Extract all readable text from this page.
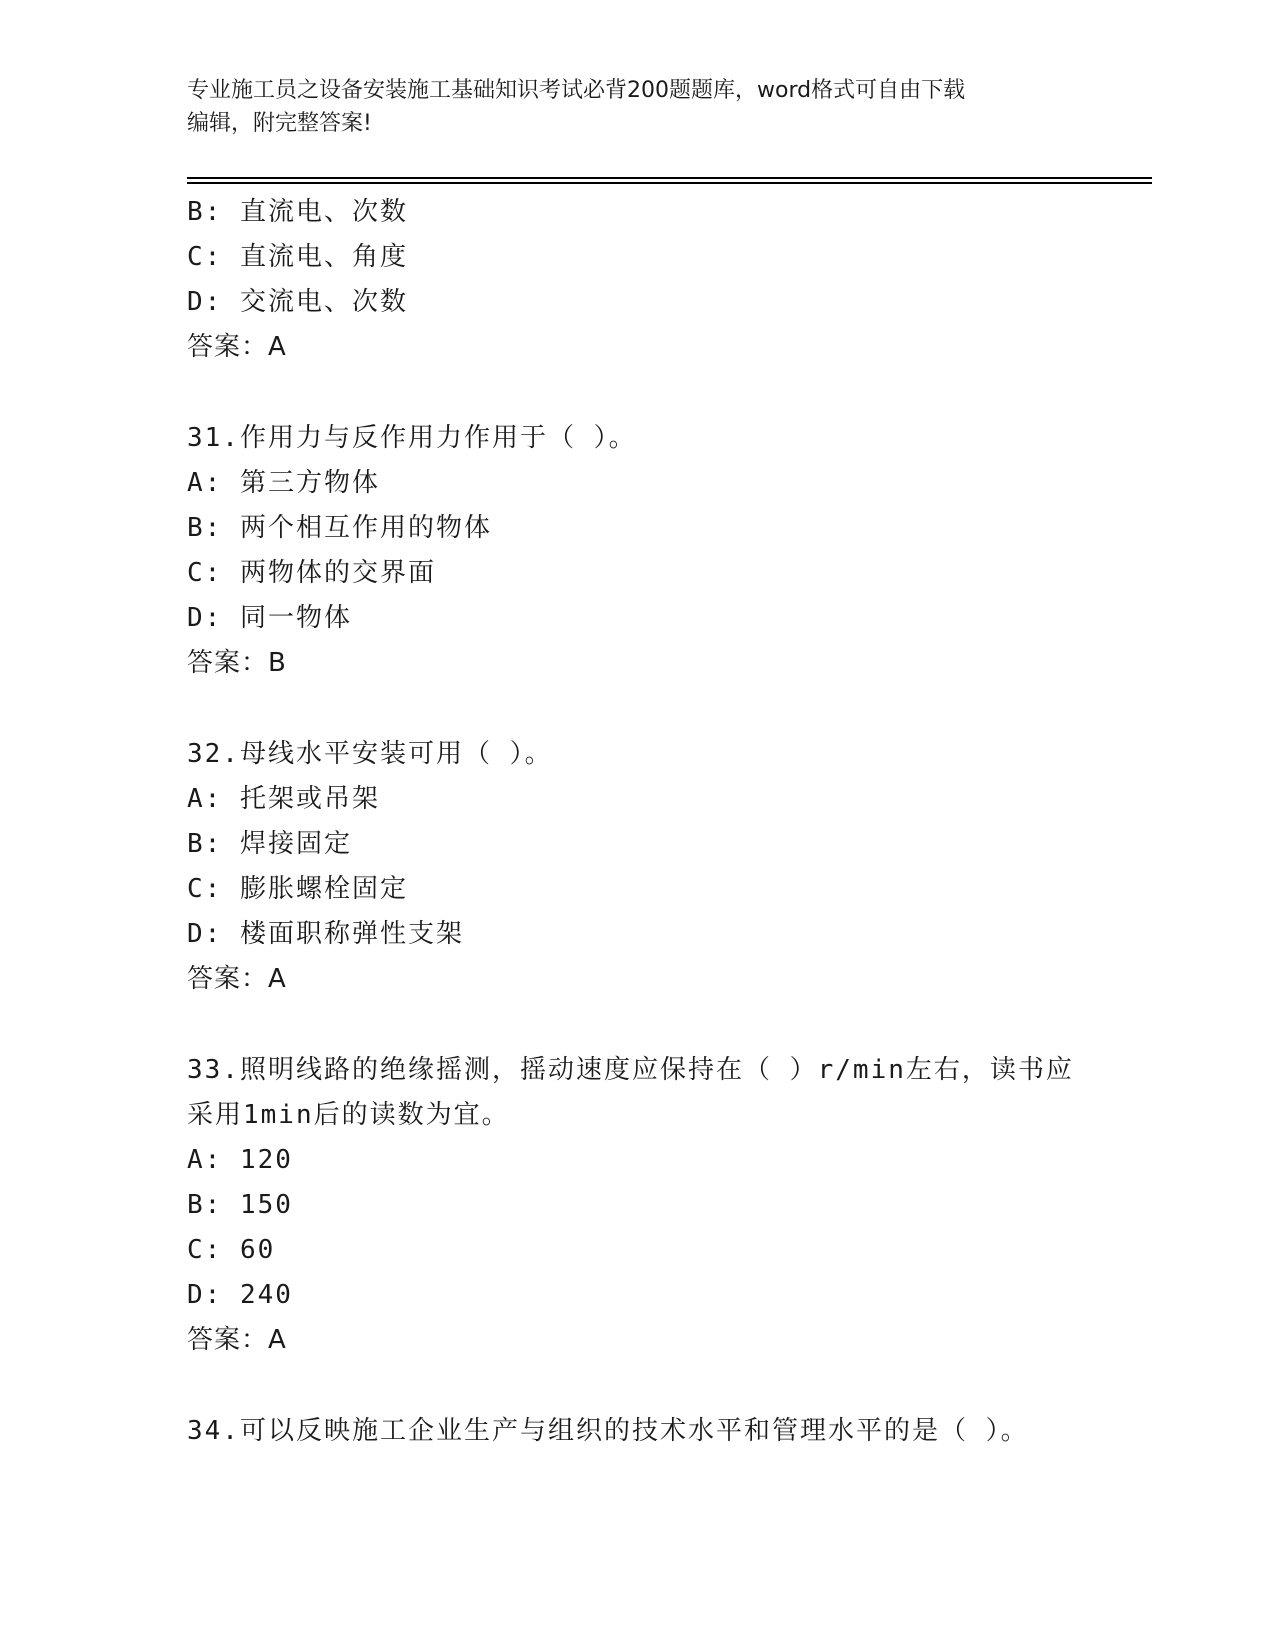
专业施工员之设备安装施工基础知识考试必背200题题库，word格式可自由下载
编辑，附完整答案!
B: 直流电、次数
C: 直流电、角度
D: 交流电、次数
答案：A
31.作用力与反作用力作用于（ ）。
A: 第三方物体
B: 两个相互作用的物体
C: 两物体的交界面
D: 同一物体
答案：B
32.母线水平安装可用（ ）。
A: 托架或吊架
B: 焊接固定
C: 膨胀螺栓固定
D: 楼面职称弹性支架
答案：A
33.照明线路的绝缘摇测，摇动速度应保持在（ ）r/min左右，读书应
采用1min后的读数为宜。
A: 120
B: 150
C: 60
D: 240
答案：A
34.可以反映施工企业生产与组织的技术水平和管理水平的是（ ）。
